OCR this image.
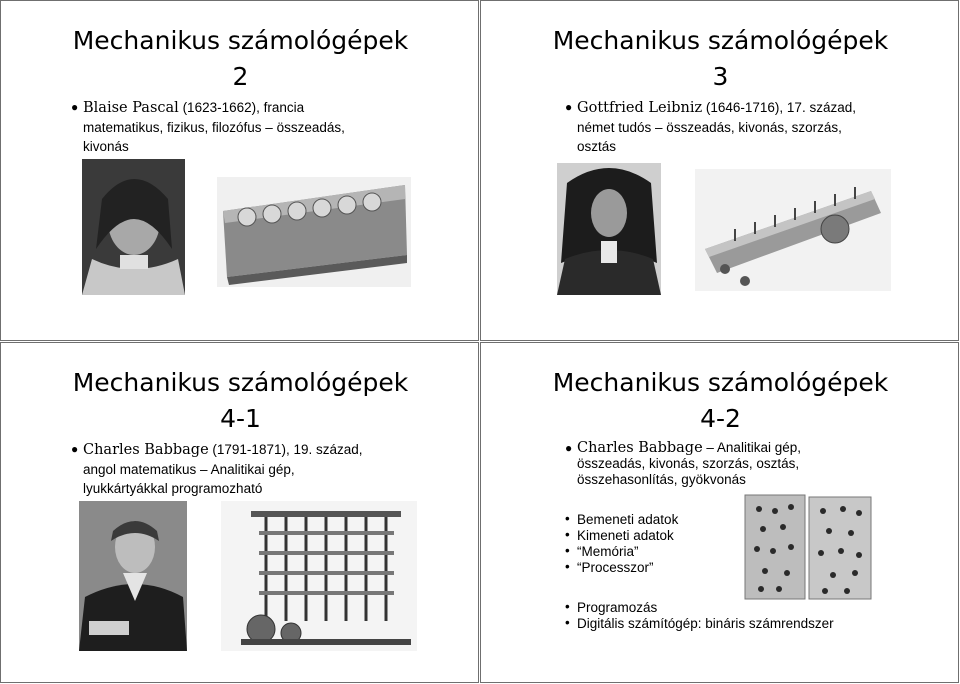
Mechanikus számológépek
2
● Blaise Pascal (1623-1662), francia
matematikus, fizikus, filozófus – összeadás,
kivonás
Mechanikus számológépek
3
● Gottfried Leibniz (1646-1716), 17. század,
német tudós – összeadás, kivonás, szorzás,
osztás
Mechanikus számológépek
4-1
● Charles Babbage (1791-1871), 19. század,
angol matematikus – Analitikai gép,
lyukkártyákkal programozható
Mechanikus számológépek
4-2
● Charles Babbage – Analitikai gép,
összeadás, kivonás, szorzás, osztás,
összehasonlítás, gyökvonás
• Bemeneti adatok
• Kimeneti adatok
• “Memória”
• “Processzor”
• Programozás
• Digitális számítógép: bináris számrendszer
